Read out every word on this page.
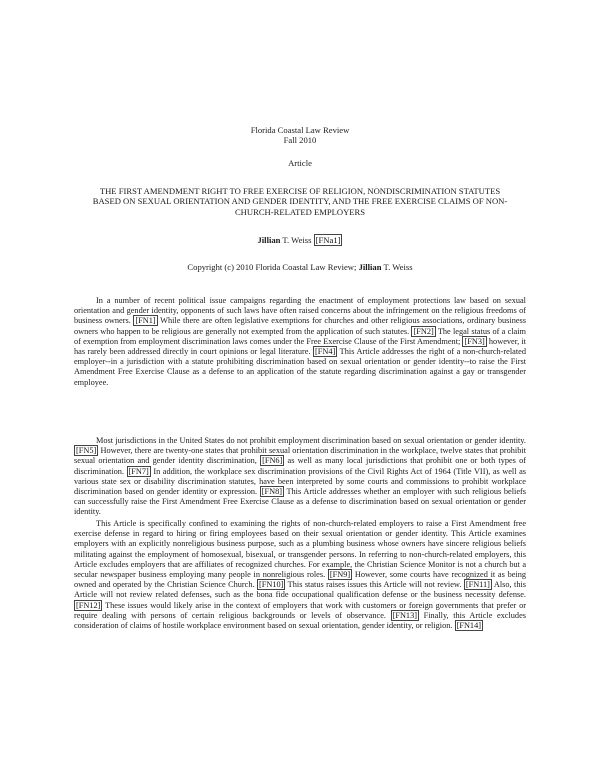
Florida Coastal Law Review
Fall 2010
Article
THE FIRST AMENDMENT RIGHT TO FREE EXERCISE OF RELIGION, NONDISCRIMINATION STATUTES BASED ON SEXUAL ORIENTATION AND GENDER IDENTITY, AND THE FREE EXERCISE CLAIMS OF NON-CHURCH-RELATED EMPLOYERS
Jillian T. Weiss [FNa1]
Copyright (c) 2010 Florida Coastal Law Review; Jillian T. Weiss

In a number of recent political issue campaigns regarding the enactment of employment protections law based on sexual orientation and gender identity, opponents of such laws have often raised concerns about the infringement on the religious freedoms of business owners. [FN1] While there are often legislative exemptions for churches and other religious associations, ordinary business owners who happen to be religious are generally not exempted from the application of such statutes. [FN2] The legal status of a claim of exemption from employment discrimination laws comes under the Free Exercise Clause of the First Amendment; [FN3] however, it has rarely been addressed directly in court opinions or legal literature. [FN4] This Article addresses the right of a non-church-related employer--in a jurisdiction with a statute prohibiting discrimination based on sexual orientation or gender identity--to raise the First Amendment Free Exercise Clause as a defense to an application of the statute regarding discrimination against a gay or transgender employee.

Most jurisdictions in the United States do not prohibit employment discrimination based on sexual orientation or gender identity. [FN5] However, there are twenty-one states that prohibit sexual orientation discrimination in the workplace, twelve states that prohibit sexual orientation and gender identity discrimination, [FN6] as well as many local jurisdictions that prohibit one or both types of discrimination. [FN7] In addition, the workplace sex discrimination provisions of the Civil Rights Act of 1964 (Title VII), as well as various state sex or disability discrimination statutes, have been interpreted by some courts and commissions to prohibit workplace discrimination based on gender identity or expression. [FN8] This Article addresses whether an employer with such religious beliefs can successfully raise the First Amendment Free Exercise Clause as a defense to discrimination based on sexual orientation or gender identity.

This Article is specifically confined to examining the rights of non-church-related employers to raise a First Amendment free exercise defense in regard to hiring or firing employees based on their sexual orientation or gender identity. This Article examines employers with an explicitly nonreligious business purpose, such as a plumbing business whose owners have sincere religious beliefs militating against the employment of homosexual, bisexual, or transgender persons. In referring to non-church-related employers, this Article excludes employers that are affiliates of recognized churches. For example, the Christian Science Monitor is not a church but a secular newspaper business employing many people in nonreligious roles. [FN9] However, some courts have recognized it as being owned and operated by the Christian Science Church. [FN10] This status raises issues this Article will not review. [FN11] Also, this Article will not review related defenses, such as the bona fide occupational qualification defense or the business necessity defense. [FN12] These issues would likely arise in the context of employers that work with customers or foreign governments that prefer or require dealing with persons of certain religious backgrounds or levels of observance. [FN13] Finally, this Article excludes consideration of claims of hostile workplace environment based on sexual orientation, gender identity, or religion. [FN14]
